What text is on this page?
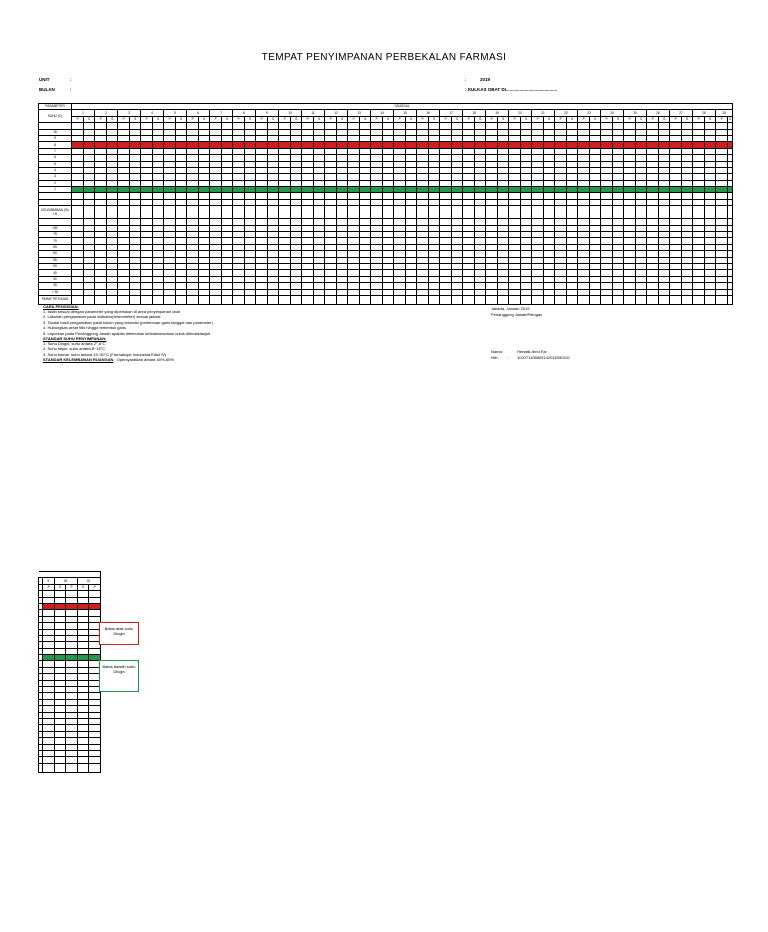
TEMPAT PENYIMPANAN PERBEKALAN FARMASI
UNIT	:
BULAN	:
:	2019
: KULKAS OBAT DI.........................................
PARAMETER	TANGGAL																																																									
SUHU (C)	1		2		3		4		5		6		7		8		9		10		11		12		13		14		15		16		17		18		19		20		21		22		23		24		25		26		27		28		29	
	P	S	P	S	P	S	P	S	P	S	P	S	P	S	P	S	P	S	P	S	P	S	P	S	P	S	P	S	P	S	P	S	P	S	P	S	P	S	P	S	P	S	P	S	P	S	P	S	P	S	P	S	P	S	P	S	P	S

16																																																										
9																																																										
8																																																										
7																																																										
6																																																										
5																																																										
4																																																										
3																																																										
2																																																										
1																																																										

KELEMBABAN (%) r.H																																																										

>80																																																										
75																																																										
70																																																										
65																																																										
60																																																										
55																																																										
50																																																										
45																																																										
40																																																										
35																																																										
< 30																																																										
PARAF PETUGAS																																																										
CARA PENGISIAN:
1. Isilah sesuai dengan parameter yang diperlukan di area penyimpanan obat
2. Lakukan pengamatan pada indikator(termometer) sesuai jadwal
3. Tandai hasil pengamatan pada kolom yang tersedia (pertemuan garis tanggal dan parameter)
4. Hubungkan antar titik hingga terbentuk garis
5. Laporkan pada Penanggung Jawab apabila ditemukan ketidaksesuaian untuk ditindaklanjuti
STANDAR SUHU PENYIMPANAN:
1. Suhu Dingin, suhu antara 2°-8°C
2. Suhu sejuk, suhu antara 8~15°C
3. Suhu kamar, suhu antara 15~30°C (Farmakope Indonesia Edisi IV)
STANDAR KELEMBABAN RUANGAN : Opersyaratkan antara 40%-60%
Jakarta, Januari 2019
Penanggung Jawab/Petugas
Nama:	Herlatik Amd.Far
NIK. : 102071108809142015090341

	9	30		31	
	P	S	P	S	P

Batas atas suhu Dingin
Batas bawah suhu Dingin
